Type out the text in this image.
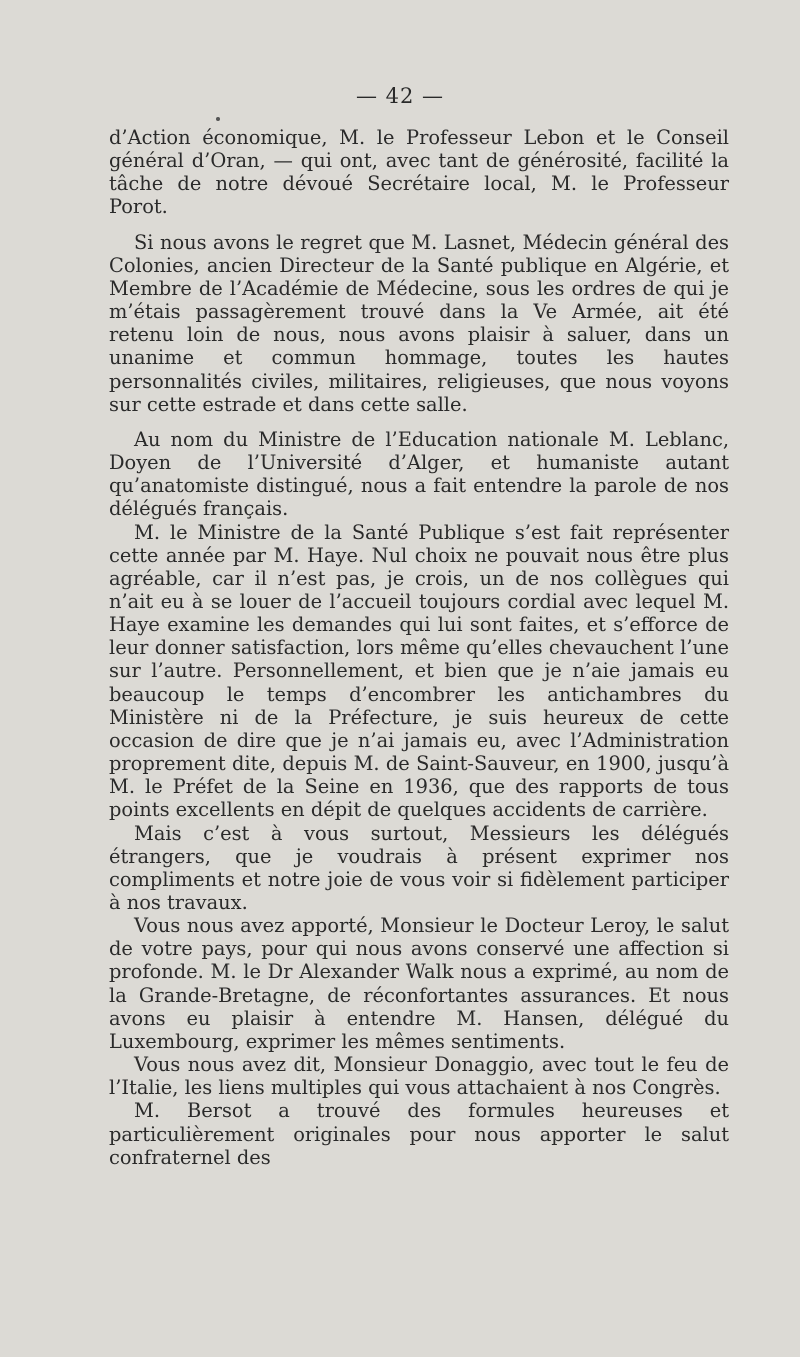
— 42 —

d’Action économique, M. le Professeur Lebon et le Conseil général d’Oran, — qui ont, avec tant de générosité, facilité la tâche de notre dévoué Secrétaire local, M. le Professeur Porot.

Si nous avons le regret que M. Lasnet, Médecin général des Colonies, ancien Directeur de la Santé publique en Algérie, et Membre de l’Académie de Médecine, sous les ordres de qui je m’étais passagèrement trouvé dans la Ve Armée, ait été retenu loin de nous, nous avons plaisir à saluer, dans un unanime et commun hommage, toutes les hautes personnalités civiles, militaires, religieuses, que nous voyons sur cette estrade et dans cette salle.

Au nom du Ministre de l’Education nationale M. Leblanc, Doyen de l’Université d’Alger, et humaniste autant qu’anatomiste distingué, nous a fait entendre la parole de nos délégués français.

M. le Ministre de la Santé Publique s’est fait représenter cette année par M. Haye. Nul choix ne pouvait nous être plus agréable, car il n’est pas, je crois, un de nos collègues qui n’ait eu à se louer de l’accueil toujours cordial avec lequel M. Haye examine les demandes qui lui sont faites, et s’efforce de leur donner satisfaction, lors même qu’elles chevauchent l’une sur l’autre. Personnellement, et bien que je n’aie jamais eu beaucoup le temps d’encombrer les antichambres du Ministère ni de la Préfecture, je suis heureux de cette occasion de dire que je n’ai jamais eu, avec l’Administration proprement dite, depuis M. de Saint-Sauveur, en 1900, jusqu’à M. le Préfet de la Seine en 1936, que des rapports de tous points excellents en dépit de quelques accidents de carrière.

Mais c’est à vous surtout, Messieurs les délégués étrangers, que je voudrais à présent exprimer nos compliments et notre joie de vous voir si fidèlement participer à nos travaux.

Vous nous avez apporté, Monsieur le Docteur Leroy, le salut de votre pays, pour qui nous avons conservé une affection si profonde. M. le Dr Alexander Walk nous a exprimé, au nom de la Grande-Bretagne, de réconfortantes assurances. Et nous avons eu plaisir à entendre M. Hansen, délégué du Luxembourg, exprimer les mêmes sentiments.

Vous nous avez dit, Monsieur Donaggio, avec tout le feu de l’Italie, les liens multiples qui vous attachaient à nos Congrès.

M. Bersot a trouvé des formules heureuses et particulièrement originales pour nous apporter le salut confraternel des
